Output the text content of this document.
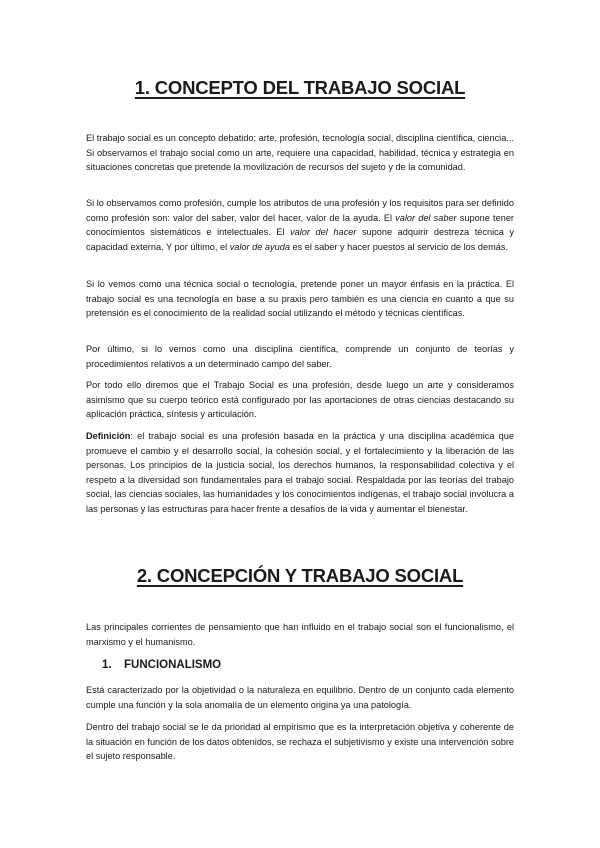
1. CONCEPTO DEL TRABAJO SOCIAL

El trabajo social es un concepto debatido; arte, profesión, tecnología social, disciplina científica, ciencia... Si observamos el trabajo social como un arte, requiere una capacidad, habilidad, técnica y estrategia en situaciones concretas que pretende la movilización de recursos del sujeto y de la comunidad.

Si lo observamos como profesión, cumple los atributos de una profesión y los requisitos para ser definido como profesión son: valor del saber, valor del hacer, valor de la ayuda. El valor del saber supone tener conocimientos sistemáticos e intelectuales. El valor del hacer supone adquirir destreza técnica y capacidad externa. Y por último, el valor de ayuda es el saber y hacer puestos al servicio de los demás.

Si lo vemos como una técnica social o tecnología, pretende poner un mayor énfasis en la práctica. El trabajo social es una tecnología en base a su praxis pero también es una ciencia en cuanto a que su pretensión es el conocimiento de la realidad social utilizando el método y técnicas científicas.

Por último, si lo vemos como una disciplina científica, comprende un conjunto de teorías y procedimientos relativos a un determinado campo del saber.

Por todo ello diremos que el Trabajo Social es una profesión, desde luego un arte y consideramos asimismo que su cuerpo teórico está configurado por las aportaciones de otras ciencias destacando su aplicación práctica, síntesis y articulación.

Definición: el trabajo social es una profesión basada en la práctica y una disciplina académica que promueve el cambio y el desarrollo social, la cohesión social, y el fortalecimiento y la liberación de las personas. Los principios de la justicia social, los derechos humanos, la responsabilidad colectiva y el respeto a la diversidad son fundamentales para el trabajo social. Respaldada por las teorías del trabajo social, las ciencias sociales, las humanidades y los conocimientos indígenas, el trabajo social involucra a las personas y las estructuras para hacer frente a desafíos de la vida y aumentar el bienestar.

2. CONCEPCIÓN Y TRABAJO SOCIAL

Las principales corrientes de pensamiento que han influido en el trabajo social son el funcionalismo, el marxismo y el humanismo.

1. FUNCIONALISMO

Está caracterizado por la objetividad o la naturaleza en equilibrio. Dentro de un conjunto cada elemento cumple una función y la sola anomalía de un elemento origina ya una patología.

Dentro del trabajo social se le da prioridad al empirismo que es la interpretación objetiva y coherente de la situación en función de los datos obtenidos, se rechaza el subjetivismo y existe una intervención sobre el sujeto responsable.
